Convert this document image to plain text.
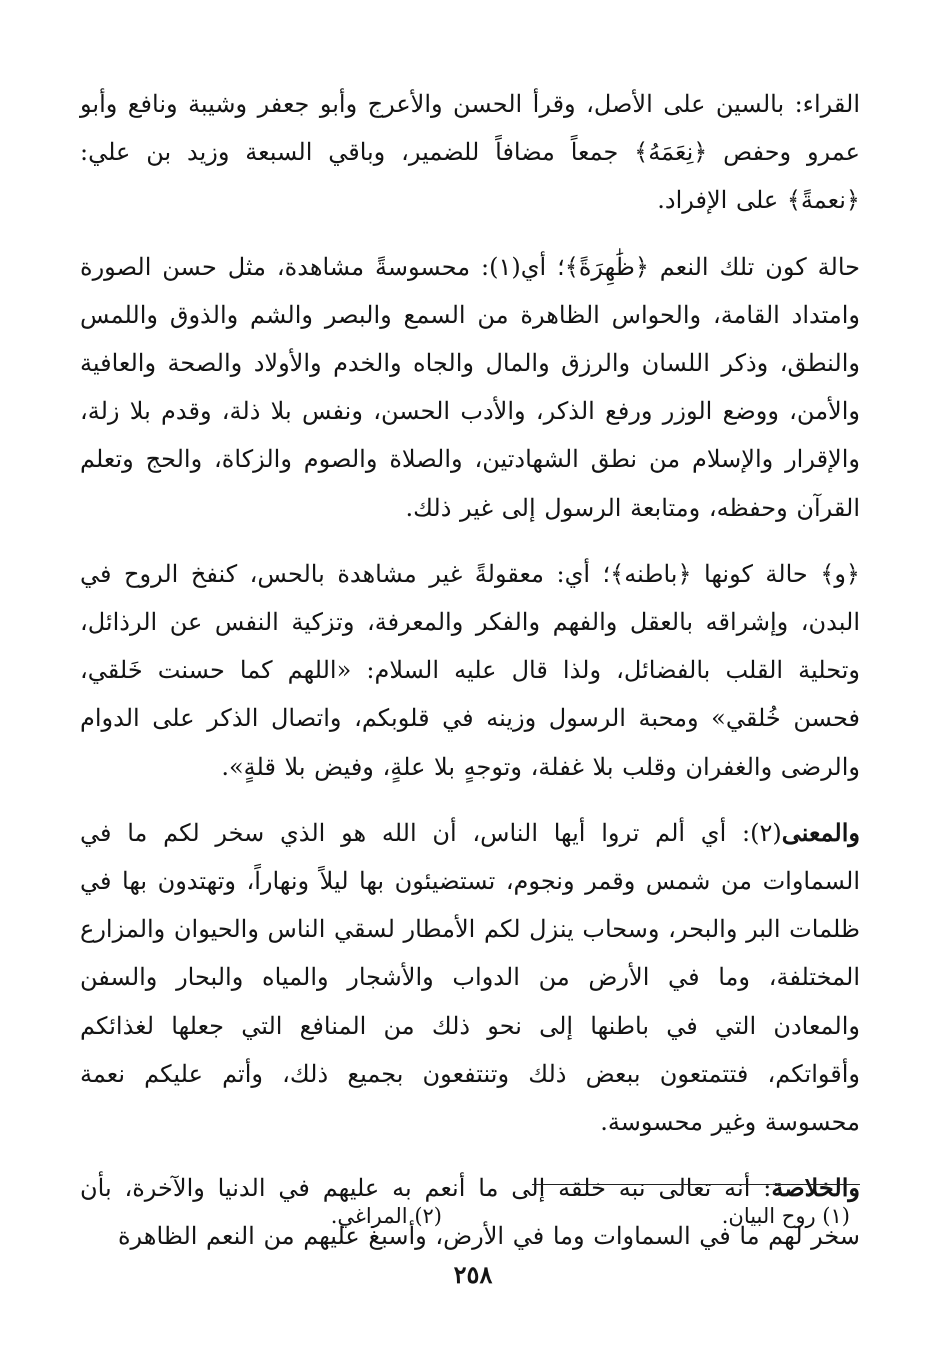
القراء: بالسين على الأصل، وقرأ الحسن والأعرج وأبو جعفر وشيبة ونافع وأبو عمرو وحفص ﴿نِعَمَهُ﴾ جمعاً مضافاً للضمير، وباقي السبعة وزيد بن علي: ﴿نعمةً﴾ على الإفراد.

حالة كون تلك النعم ﴿ظَٰهِرَةً﴾؛ أي(١): محسوسةً مشاهدة، مثل حسن الصورة وامتداد القامة، والحواس الظاهرة من السمع والبصر والشم والذوق واللمس والنطق، وذكر اللسان والرزق والمال والجاه والخدم والأولاد والصحة والعافية والأمن، ووضع الوزر ورفع الذكر، والأدب الحسن، ونفس بلا ذلة، وقدم بلا زلة، والإقرار والإسلام من نطق الشهادتين، والصلاة والصوم والزكاة، والحج وتعلم القرآن وحفظه، ومتابعة الرسول إلى غير ذلك.

﴿و﴾ حالة كونها ﴿باطنه﴾؛ أي: معقولةً غير مشاهدة بالحس، كنفخ الروح في البدن، وإشراقه بالعقل والفهم والفكر والمعرفة، وتزكية النفس عن الرذائل، وتحلية القلب بالفضائل، ولذا قال عليه السلام: «اللهم كما حسنت خَلقي، فحسن خُلقي» ومحبة الرسول وزينه في قلوبكم، واتصال الذكر على الدوام والرضى والغفران وقلب بلا غفلة، وتوجهٍ بلا علةٍ، وفيض بلا قلةٍ».

والمعنى(٢): أي ألم تروا أيها الناس، أن الله هو الذي سخر لكم ما في السماوات من شمس وقمر ونجوم، تستضيئون بها ليلاً ونهاراً، وتهتدون بها في ظلمات البر والبحر، وسحاب ينزل لكم الأمطار لسقي الناس والحيوان والمزارع المختلفة، وما في الأرض من الدواب والأشجار والمياه والبحار والسفن والمعادن التي في باطنها إلى نحو ذلك من المنافع التي جعلها لغذائكم وأقواتكم، فتتمتعون ببعض ذلك وتنتفعون بجميع ذلك، وأتم عليكم نعمة محسوسة وغير محسوسة.

والخلاصة: أنه تعالى نبه خلقه إلى ما أنعم به عليهم في الدنيا والآخرة، بأن سخر لهم ما في السماوات وما في الأرض، وأسبغ عليهم من النعم الظاهرة

(١) روح البيان.
(٢) المراغي.
٢٥٨
